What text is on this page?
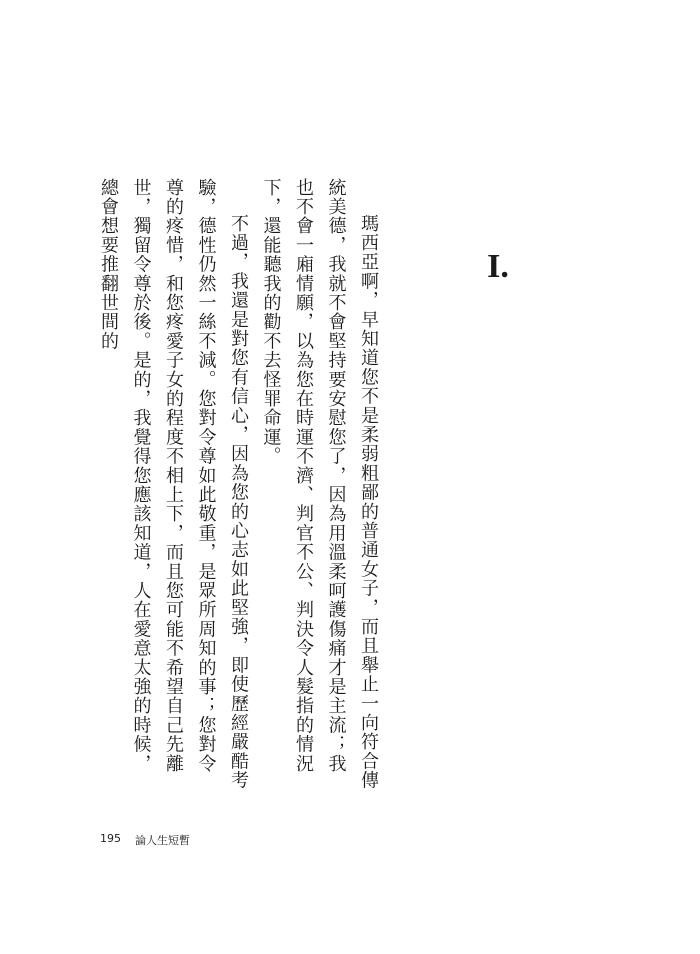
I.

瑪西亞啊，早知道您不是柔弱粗鄙的普通女子，而且舉止一向符合傳統美德，我就不會堅持要安慰您了，因為用溫柔呵護傷痛才是主流；我也不會一廂情願，以為您在時運不濟、判官不公、判決令人髮指的情況下，還能聽我的勸不去怪罪命運。

不過，我還是對您有信心，因為您的心志如此堅強，即使歷經嚴酷考驗，德性仍然一絲不減。您對令尊如此敬重，是眾所周知的事；您對令尊的疼惜，和您疼愛子女的程度不相上下，而且您可能不希望自己先離世，獨留令尊於後。是的，我覺得您應該知道，人在愛意太強的時候，總會想要推翻世間的

195 論人生短暫
